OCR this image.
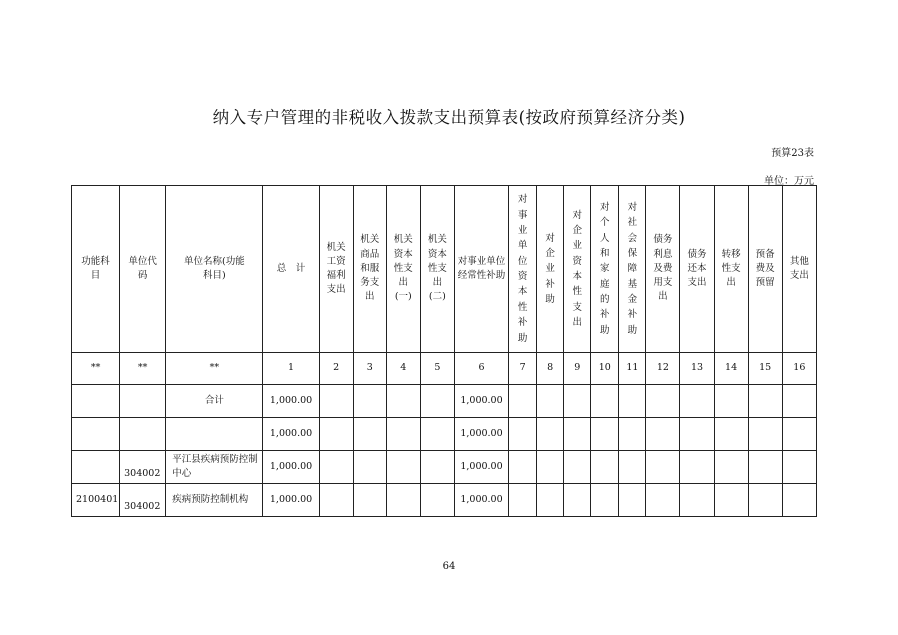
纳入专户管理的非税收入拨款支出预算表(按政府预算经济分类)
预算23表
单位：万元
功能科目	单位代码	单位名称(功能科目)	总　计	机关工资福利支出	机关商品和服务支出	机关资本性支出(一)	机关资本性支出(二)	对事业单位经常性补助	对事业单位资本性补助	对企业补助	对企业资本性支出	对个人和家庭的补助	对社会保障基金补助	债务利息及费用支出	债务还本支出	转移性支出	预备费及预留	其他支出
**	**	**	1	2	3	4	5	6	7	8	9	10	11	12	13	14	15	16
		合计	1,000.00					1,000.00										
			1,000.00					1,000.00										

	304002	平江县疾病预防控制中心	1,000.00					1,000.00										

2100401	304002	疾病预防控制机构	1,000.00					1,000.00										
64
